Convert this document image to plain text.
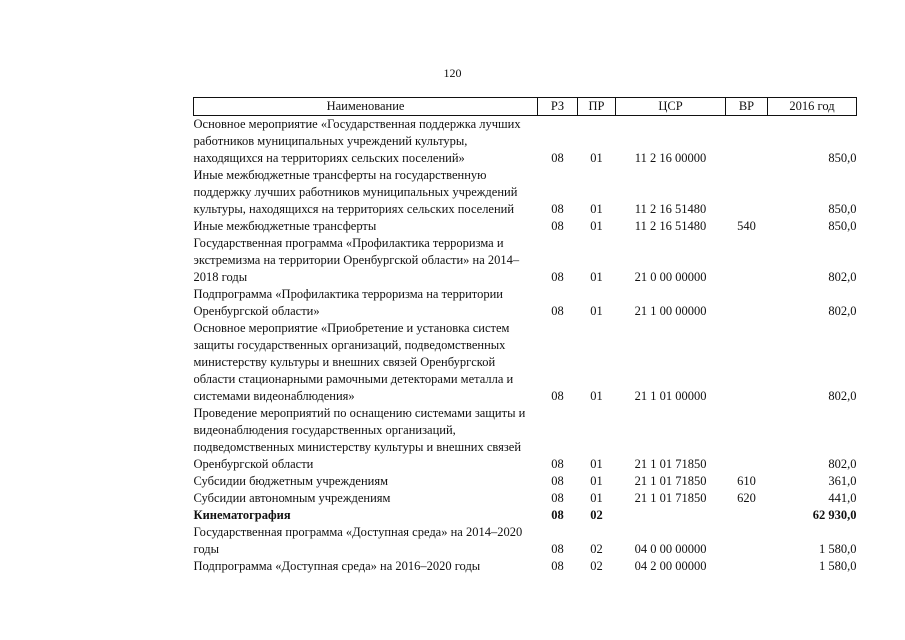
120
Наименование	РЗ	ПР	ЦСР	ВР	2016 год

Основное мероприятие «Государственная поддержка лучших
работников муниципальных учреждений культуры,
находящихся на территориях сельских поселений»	08	01	11 2 16 00000		850,0

Иные межбюджетные трансферты на государственную
поддержку лучших работников муниципальных учреждений
культуры, находящихся на территориях сельских поселений	08	01	11 2 16 51480		850,0

Иные межбюджетные трансферты	08	01	11 2 16 51480	540	850,0

Государственная программа «Профилактика терроризма и
экстремизма на территории Оренбургской области» на 2014–
2018 годы	08	01	21 0 00 00000		802,0

Подпрограмма «Профилактика терроризма на территории
Оренбургской области»	08	01	21 1 00 00000		802,0

Основное мероприятие «Приобретение и установка систем
защиты государственных организаций, подведомственных
министерству культуры и внешних связей Оренбургской
области стационарными рамочными детекторами металла и
системами видеонаблюдения»	08	01	21 1 01 00000		802,0

Проведение мероприятий по оснащению системами защиты и
видеонаблюдения государственных организаций,
подведомственных министерству культуры и внешних связей
Оренбургской области	08	01	21 1 01 71850		802,0

Субсидии бюджетным учреждениям	08	01	21 1 01 71850	610	361,0

Субсидии автономным учреждениям	08	01	21 1 01 71850	620	441,0

Кинематография	08	02			62 930,0

Государственная программа «Доступная среда» на 2014–2020
годы	08	02	04 0 00 00000		1 580,0

Подпрограмма «Доступная среда» на 2016–2020 годы	08	02	04 2 00 00000		1 580,0
